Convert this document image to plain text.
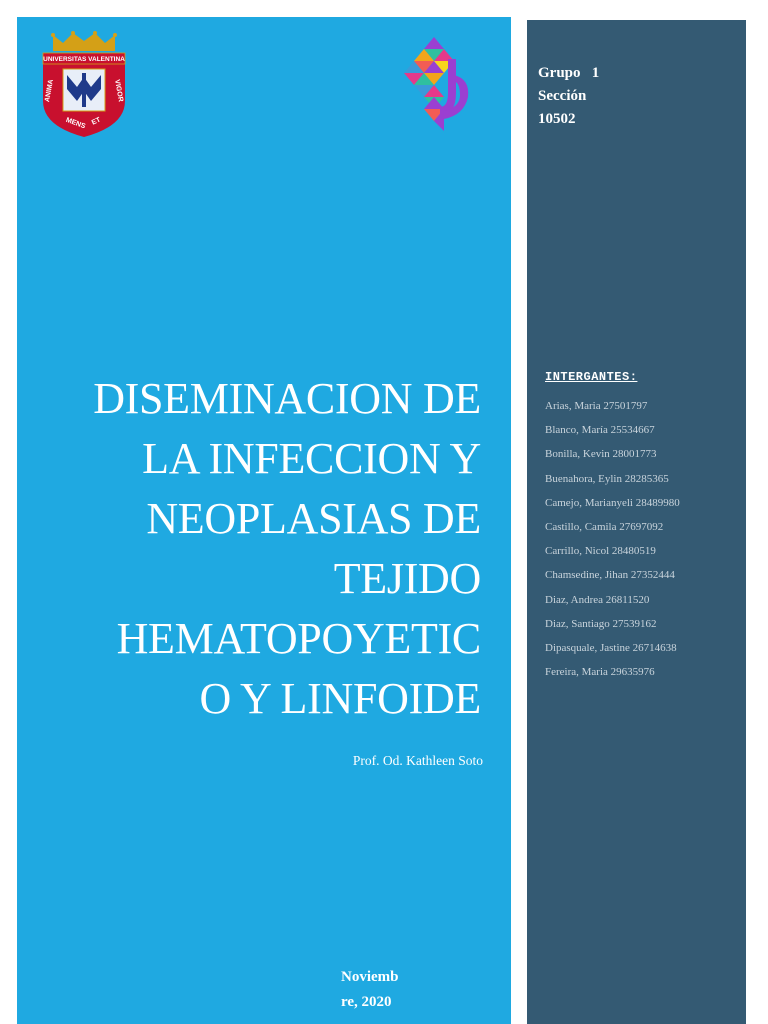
UNIVERSITAS VALENTINA
ANIMA	VIGOR
MENS ET
DISEMINACION DE
LA INFECCION Y
NEOPLASIAS DE
TEJIDO
HEMATOPOYETIC
O Y LINFOIDE
Prof. Od. Kathleen Soto
Noviemb
re, 2020
Grupo   1
Sección
10502
INTERGANTES:
Arias, Maria 27501797
Blanco, María 25534667
Bonilla, Kevin 28001773
Buenahora, Eylin 28285365
Camejo, Marianyeli 28489980
Castillo, Camila 27697092
Carrillo, Nicol 28480519
Chamsedine, Jihan 27352444
Diaz, Andrea 26811520
Diaz, Santiago 27539162
Dipasquale, Jastine 26714638
Fereira, Maria 29635976
